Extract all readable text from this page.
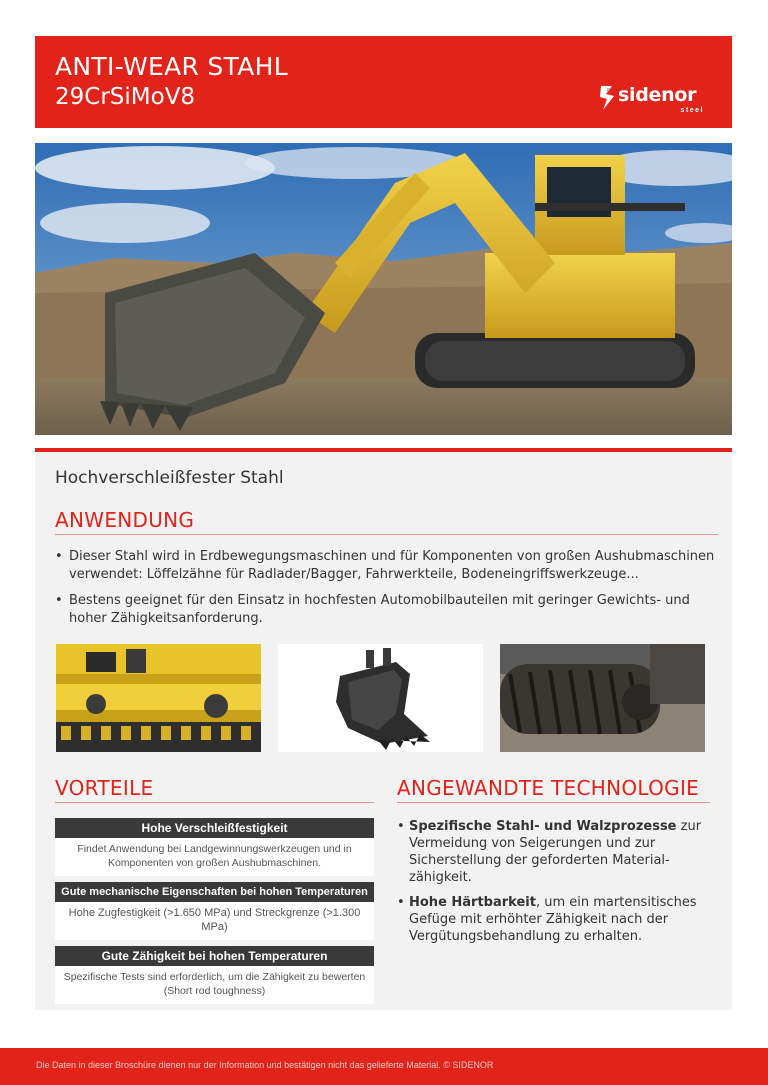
ANTI-WEAR STAHL
29CrSiMoV8	sidenor
steel
Hochverschleißfester Stahl
ANWENDUNG
• Dieser Stahl wird in Erdbewegungsmaschinen und für Komponenten von großen Aushubmaschinen verwendet: Löffelzähne für Radlader/Bagger, Fahrwerkteile, Bodeneingriffswerkzeuge...
• Bestens geeignet für den Einsatz in hochfesten Automobilbauteilen mit geringer Gewichts- und hoher Zähigkeitsanforderung.
VORTEILE
Hohe Verschleißfestigkeit
Findet Anwendung bei Landgewinnungswerkzeugen und in Komponenten von großen Aushubmaschinen.
Gute mechanische Eigenschaften bei hohen Temperaturen
Hohe Zugfestigkeit (>1.650 MPa) und Streckgrenze (>1.300 MPa)
Gute Zähigkeit bei hohen Temperaturen
Spezifische Tests sind erforderlich, um die Zähigkeit zu bewerten (Short rod toughness)
ANGEWANDTE TECHNOLOGIE
• Spezifische Stahl- und Walzprozesse zur Vermeidung von Seigerungen und zur Sicherstellung der geforderten Material-zähigkeit.
• Hohe Härtbarkeit, um ein martensitisches Gefüge mit erhöhter Zähigkeit nach der Vergütungsbehandlung zu erhalten.
Die Daten in dieser Broschüre dienen nur der Information und bestätigen nicht das gelieferte Material. © SIDENOR
